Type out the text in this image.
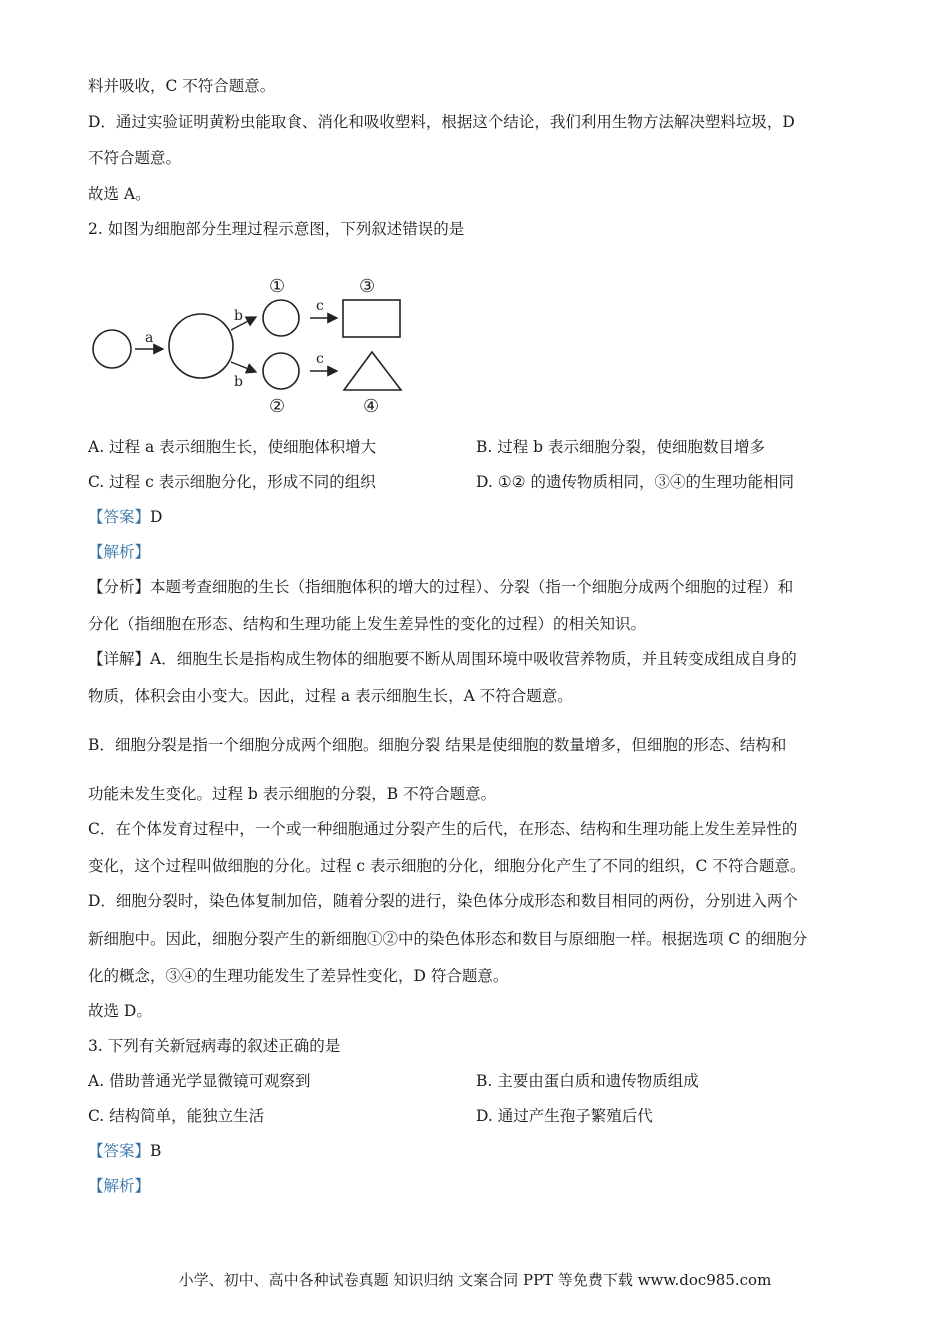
料并吸收，C 不符合题意。
D．通过实验证明黄粉虫能取食、消化和吸收塑料，根据这个结论，我们利用生物方法解决塑料垃圾，D
不符合题意。
故选 A。
2. 如图为细胞部分生理过程示意图，下列叙述错误的是
a
b
b
①
②
c
c
③
④
A. 过程 a 表示细胞生长，使细胞体积增大	B. 过程 b 表示细胞分裂，使细胞数目增多
C. 过程 c 表示细胞分化，形成不同的组织	D. ①② 的遗传物质相同，③④的生理功能相同
【答案】D
【解析】
【分析】本题考查细胞的生长（指细胞体积的增大的过程）、分裂（指一个细胞分成两个细胞的过程）和
分化（指细胞在形态、结构和生理功能上发生差异性的变化的过程）的相关知识。
【详解】A．细胞生长是指构成生物体的细胞要不断从周围环境中吸收营养物质，并且转变成组成自身的
物质，体积会由小变大。因此，过程 a 表示细胞生长，A 不符合题意。
B．细胞分裂是指一个细胞分成两个细胞。细胞分裂 结果是使细胞的数量增多，但细胞的形态、结构和
功能未发生变化。过程 b 表示细胞的分裂，B 不符合题意。
C．在个体发育过程中，一个或一种细胞通过分裂产生的后代，在形态、结构和生理功能上发生差异性的
变化，这个过程叫做细胞的分化。过程 c 表示细胞的分化，细胞分化产生了不同的组织，C 不符合题意。
D．细胞分裂时，染色体复制加倍，随着分裂的进行，染色体分成形态和数目相同的两份，分别进入两个
新细胞中。因此，细胞分裂产生的新细胞①②中的染色体形态和数目与原细胞一样。根据选项 C 的细胞分
化的概念，③④的生理功能发生了差异性变化，D 符合题意。
故选 D。
3. 下列有关新冠病毒的叙述正确的是
A. 借助普通光学显微镜可观察到	B. 主要由蛋白质和遗传物质组成
C. 结构简单，能独立生活	D. 通过产生孢子繁殖后代
【答案】B
【解析】
小学、初中、高中各种试卷真题 知识归纳 文案合同 PPT 等免费下载 www.doc985.com
